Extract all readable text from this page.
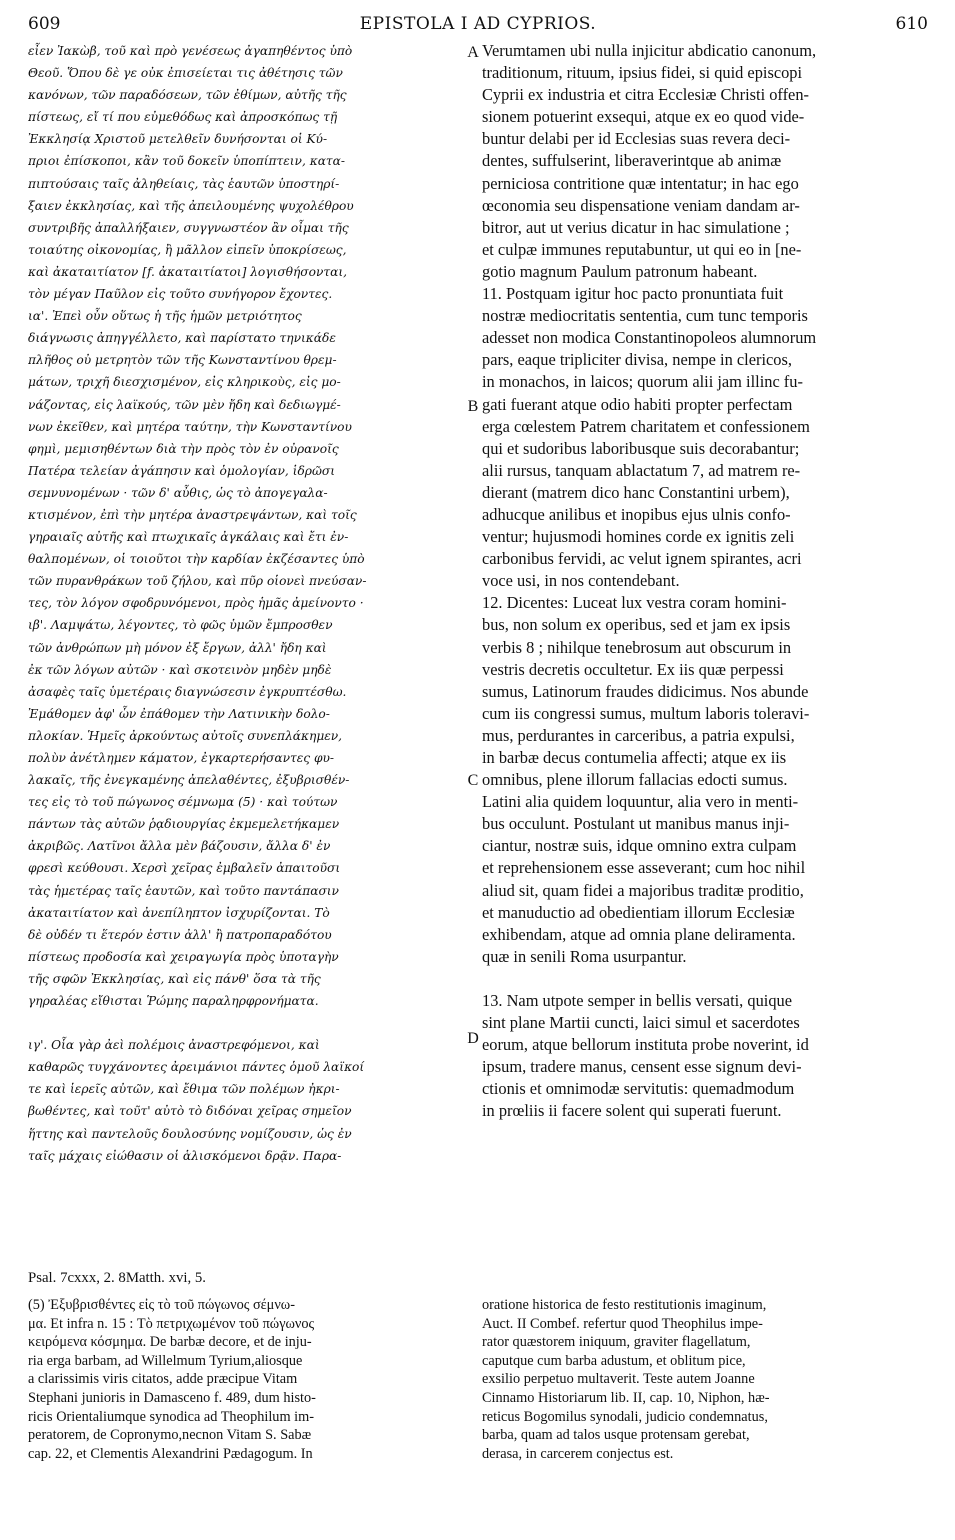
609	EPISTOLA I AD CYPRIOS.	610
εἶεν Ἰακὼβ, τοῦ καὶ πρὸ γενέσεως ἀγαπηθέντος ὑπὸ
Θεοῦ. Ὅπου δὲ γε οὐκ ἐπισείεται τις ἀθέτησις τῶν
κανόνων, τῶν παραδόσεων, τῶν ἐθίμων, αὐτῆς τῆς
πίστεως, εἴ τί που εὐμεθόδως καὶ ἀπροσκόπως τῇ
Ἐκκλησίᾳ Χριστοῦ μετελθεῖν δυνήσονται οἱ Κύ-
πριοι ἐπίσκοποι, κἂν τοῦ δοκεῖν ὑποπίπτειν, κατα-
πιπτούσαις ταῖς ἀληθείαις, τὰς ἑαυτῶν ὑποστηρί-
ξαιεν ἐκκλησίας, καὶ τῆς ἀπειλουμένης ψυχολέθρου
συντριβῆς ἀπαλλήξαιεν, συγγνωστέον ἂν οἶμαι τῆς
τοιαύτης οἰκονομίας, ἢ μᾶλλον εἰπεῖν ὑποκρίσεως,
καὶ ἀκαταιτίατον [f. ἀκαταιτίατοι] λογισθήσονται,
τὸν μέγαν Παῦλον εἰς τοῦτο συνήγορον ἔχοντες.
ια'. Ἐπεὶ οὖν οὕτως ἡ τῆς ἡμῶν μετριότητος
διάγνωσις ἀπηγγέλλετο, καὶ παρίστατο τηνικάδε
πλῆθος οὐ μετρητὸν τῶν τῆς Κωνσταντίνου θρεμ-
μάτων, τριχῆ διεσχισμένον, εἰς κληρικοὺς, εἰς μο-
νάζοντας, εἰς λαϊκούς, τῶν μὲν ἤδη καὶ δεδιωγμέ-
νων ἐκεῖθεν, καὶ μητέρα ταύτην, τὴν Κωνσταντίνου
φημὶ, μεμισηθέντων διὰ τὴν πρὸς τὸν ἐν οὐρανοῖς
Πατέρα τελείαν ἀγάπησιν καὶ ὁμολογίαν, ἱδρῶσι
σεμνυνομένων · τῶν δ' αὖθις, ὡς τὸ ἀπογεγαλα-
κτισμένον, ἐπὶ τὴν μητέρα ἀναστρεψάντων, καὶ τοῖς
γηραιαῖς αὐτῆς καὶ πτωχικαῖς ἀγκάλαις καὶ ἔτι ἐν-
θαλπομένων, οἱ τοιοῦτοι τὴν καρδίαν ἐκζέσαντες ὑπὸ
τῶν πυρανθράκων τοῦ ζήλου, καὶ πῦρ οἱονεὶ πνεύσαν-
τες, τὸν λόγον σφοδρυνόμενοι, πρὸς ἡμᾶς ἀμείνοντο ·
ιβ'. Λαμψάτω, λέγοντες, τὸ φῶς ὑμῶν ἔμπροσθεν
τῶν ἀνθρώπων μὴ μόνον ἐξ ἔργων, ἀλλ' ἤδη καὶ
ἐκ τῶν λόγων αὐτῶν · καὶ σκοτεινὸν μηδὲν μηδὲ
ἀσαφὲς ταῖς ὑμετέραις διαγνώσεσιν ἐγκρυπτέσθω.
Ἐμάθομεν ἀφ' ὧν ἐπάθομεν τὴν Λατινικὴν δολο-
πλοκίαν. Ἡμεῖς ἀρκούντως αὐτοῖς συνεπλάκημεν,
πολὺν ἀνέτλημεν κάματον, ἐγκαρτερήσαντες φυ-
λακαῖς, τῆς ἐνεγκαμένης ἀπελαθέντες, ἐξυβρισθέν-
τες εἰς τὸ τοῦ πώγωνος σέμνωμα (5) · καὶ τούτων
πάντων τὰς αὐτῶν ῥᾳδιουργίας ἐκμεμελετήκαμεν
ἀκριβῶς. Λατῖνοι ἄλλα μὲν βάζουσιν, ἄλλα δ' ἐν
φρεσὶ κεύθουσι. Χερσὶ χεῖρας ἐμβαλεῖν ἀπαιτοῦσι
τὰς ἡμετέρας ταῖς ἑαυτῶν, καὶ τοῦτο παντάπασιν
ἀκαταιτίατον καὶ ἀνεπίληπτον ἰσχυρίζονται. Τὸ
δὲ οὐδέν τι ἕτερόν ἐστιν ἀλλ' ἢ πατροπαραδότου
πίστεως προδοσία καὶ χειραγωγία πρὸς ὑποταγὴν
τῆς σφῶν Ἐκκλησίας, καὶ εἰς πάνθ' ὅσα τὰ τῆς
γηραλέας εἴθισται Ῥώμης παραληρφρονήματα.
ιγ'. Οἷα γὰρ ἀεὶ πολέμοις ἀναστρεφόμενοι, καὶ
καθαρῶς τυγχάνοντες ἀρειμάνιοι πάντες ὁμοῦ λαϊκοί
τε καὶ ἱερεῖς αὐτῶν, καὶ ἔθιμα τῶν πολέμων ἠκρι-
βωθέντες, καὶ τοῦτ' αὐτὸ τὸ διδόναι χεῖρας σημεῖον
ἥττης καὶ παντελοῦς δουλοσύνης νομίζουσιν, ὡς ἐν
ταῖς μάχαις εἰώθασιν οἱ ἁλισκόμενοι δρᾷν. Παρα-
Verumtamen ubi nulla injicitur abdicatio canonum,
traditionum, rituum, ipsius fidei, si quid episcopi
Cyprii ex industria et citra Ecclesiæ Christi offen-
sionem potuerint exsequi, atque ex eo quod vide-
buntur delabi per id Ecclesias suas revera deci-
dentes, suffulserint, liberaverintque ab animæ
perniciosa contritione quæ intentatur; in hac ego
œconomia seu dispensatione veniam dandam ar-
bitror, aut ut verius dicatur in hac simulatione ;
et culpæ immunes reputabuntur, ut qui eo in [ne-
gotio magnum Paulum patronum habeant.
11. Postquam igitur hoc pacto pronuntiata fuit
nostræ mediocritatis sententia, cum tunc temporis
adesset non modica Constantinopoleos alumnorum
pars, eaque tripliciter divisa, nempe in clericos,
in monachos, in laicos; quorum alii jam illinc fu-
gati fuerant atque odio habiti propter perfectam
erga cœlestem Patrem charitatem et confessionem
qui et sudoribus laboribusque suis decorabantur;
alii rursus, tanquam ablactatum 7, ad matrem re-
dierant (matrem dico hanc Constantini urbem),
adhucque anilibus et inopibus ejus ulnis confo-
ventur; hujusmodi homines corde ex ignitis zeli
carbonibus fervidi, ac velut ignem spirantes, acri
voce usi, in nos contendebant.
12. Dicentes: Luceat lux vestra coram homini-
bus, non solum ex operibus, sed et jam ex ipsis
verbis 8 ; nihilque tenebrosum aut obscurum in
vestris decretis occultetur. Ex iis quæ perpessi
sumus, Latinorum fraudes didicimus. Nos abunde
cum iis congressi sumus, multum laboris toleravi-
mus, perdurantes in carceribus, a patria expulsi,
in barbæ decus contumelia affecti; atque ex iis
omnibus, plene illorum fallacias edocti sumus.
Latini alia quidem loquuntur, alia vero in menti-
bus occulunt. Postulant ut manibus manus inji-
ciantur, nostræ suis, idque omnino extra culpam
et reprehensionem esse asseverant; cum hoc nihil
aliud sit, quam fidei a majoribus traditæ proditio,
et manuductio ad obedientiam illorum Ecclesiæ
exhibendam, atque ad omnia plane deliramenta.
quæ in senili Roma usurpantur.
13. Nam utpote semper in bellis versati, quique
sint plane Martii cuncti, laici simul et sacerdotes
eorum, atque bellorum instituta probe noverint, id
ipsum, tradere manus, censent esse signum devi-
ctionis et omnimodæ servitutis: quemadmodum
in prœliis ii facere solent qui superati fuerunt.
A
B
C
D
Psal. 7cxxx, 2. 8Matth. xvi, 5.
(5) Ἐξυβρισθέντες εἰς τὸ τοῦ πώγωνος σέμνω-
μα. Et infra n. 15 : Τὸ πετριχωμένον τοῦ πώγωνος
κειρόμενα κόσμημα. De barbæ decore, et de inju-
ria erga barbam, ad Willelmum Tyrium,aliosque
a clarissimis viris citatos, adde præcipue Vitam
Stephani junioris in Damasceno f. 489, dum histo-
ricis Orientaliumque synodica ad Theophilum im-
peratorem, de Copronymo,necnon Vitam S. Sabæ
cap. 22, et Clementis Alexandrini Pædagogum. In
oratione historica de festo restitutionis imaginum,
Auct. II Combef. refertur quod Theophilus impe-
rator quæstorem iniquum, graviter flagellatum,
caputque cum barba adustum, et oblitum pice,
exsilio perpetuo multaverit. Teste autem Joanne
Cinnamo Historiarum lib. II, cap. 10, Niphon, hæ-
reticus Bogomilus synodali, judicio condemnatus,
barba, quam ad talos usque protensam gerebat,
derasa, in carcerem conjectus est.
